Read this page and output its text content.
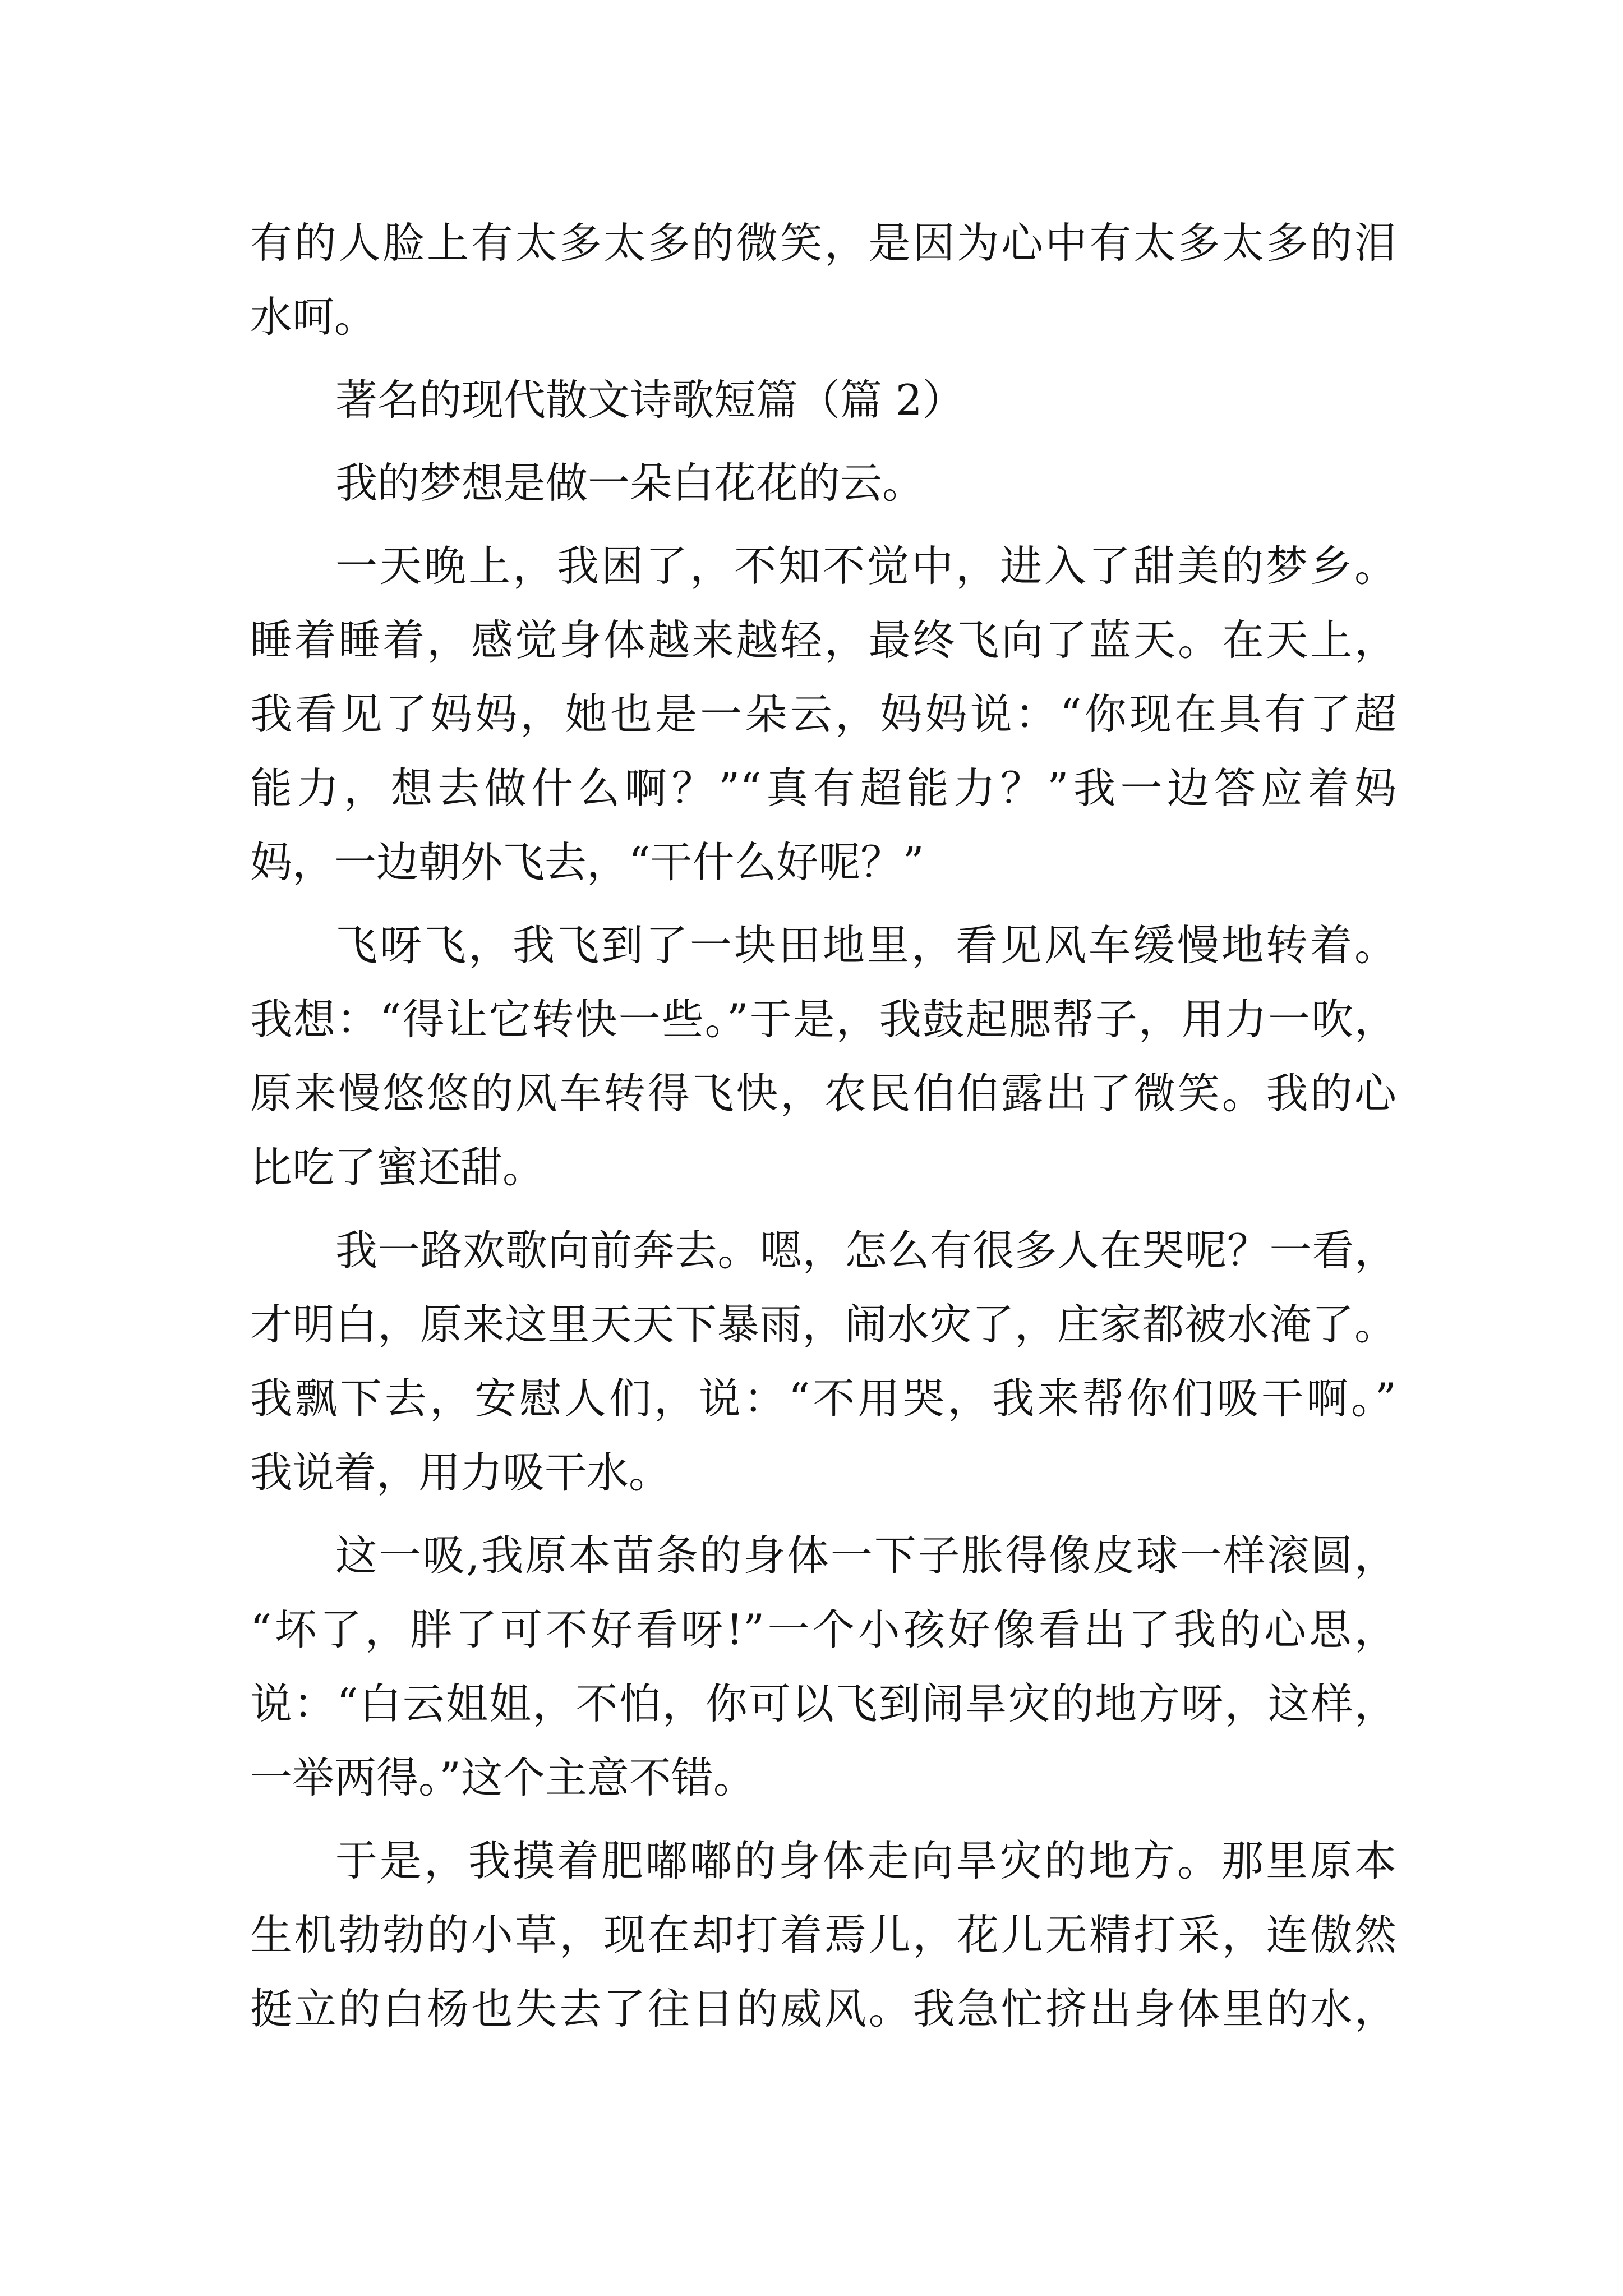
有的人脸上有太多太多的微笑，是因为心中有太多太多的泪
水呵。
著名的现代散文诗歌短篇（篇 2）
我的梦想是做一朵白花花的云。
一天晚上，我困了，不知不觉中，进入了甜美的梦乡。
睡着睡着，感觉身体越来越轻，最终飞向了蓝天。在天上，
我看见了妈妈，她也是一朵云，妈妈说：“你现在具有了超
能力，想去做什么啊？”“真有超能力？”我一边答应着妈
妈，一边朝外飞去，“干什么好呢？”
飞呀飞，我飞到了一块田地里，看见风车缓慢地转着。
我想：“得让它转快一些。”于是，我鼓起腮帮子，用力一吹，
原来慢悠悠的风车转得飞快，农民伯伯露出了微笑。我的心
比吃了蜜还甜。
我一路欢歌向前奔去。嗯，怎么有很多人在哭呢？一看，
才明白，原来这里天天下暴雨，闹水灾了，庄家都被水淹了。
我飘下去，安慰人们，说：“不用哭，我来帮你们吸干啊。”
我说着，用力吸干水。
这一吸,我原本苗条的身体一下子胀得像皮球一样滚圆，
“坏了，胖了可不好看呀!”一个小孩好像看出了我的心思，
说：“白云姐姐，不怕，你可以飞到闹旱灾的地方呀，这样，
一举两得。”这个主意不错。
于是，我摸着肥嘟嘟的身体走向旱灾的地方。那里原本
生机勃勃的小草，现在却打着焉儿，花儿无精打采，连傲然
挺立的白杨也失去了往日的威风。我急忙挤出身体里的水，
